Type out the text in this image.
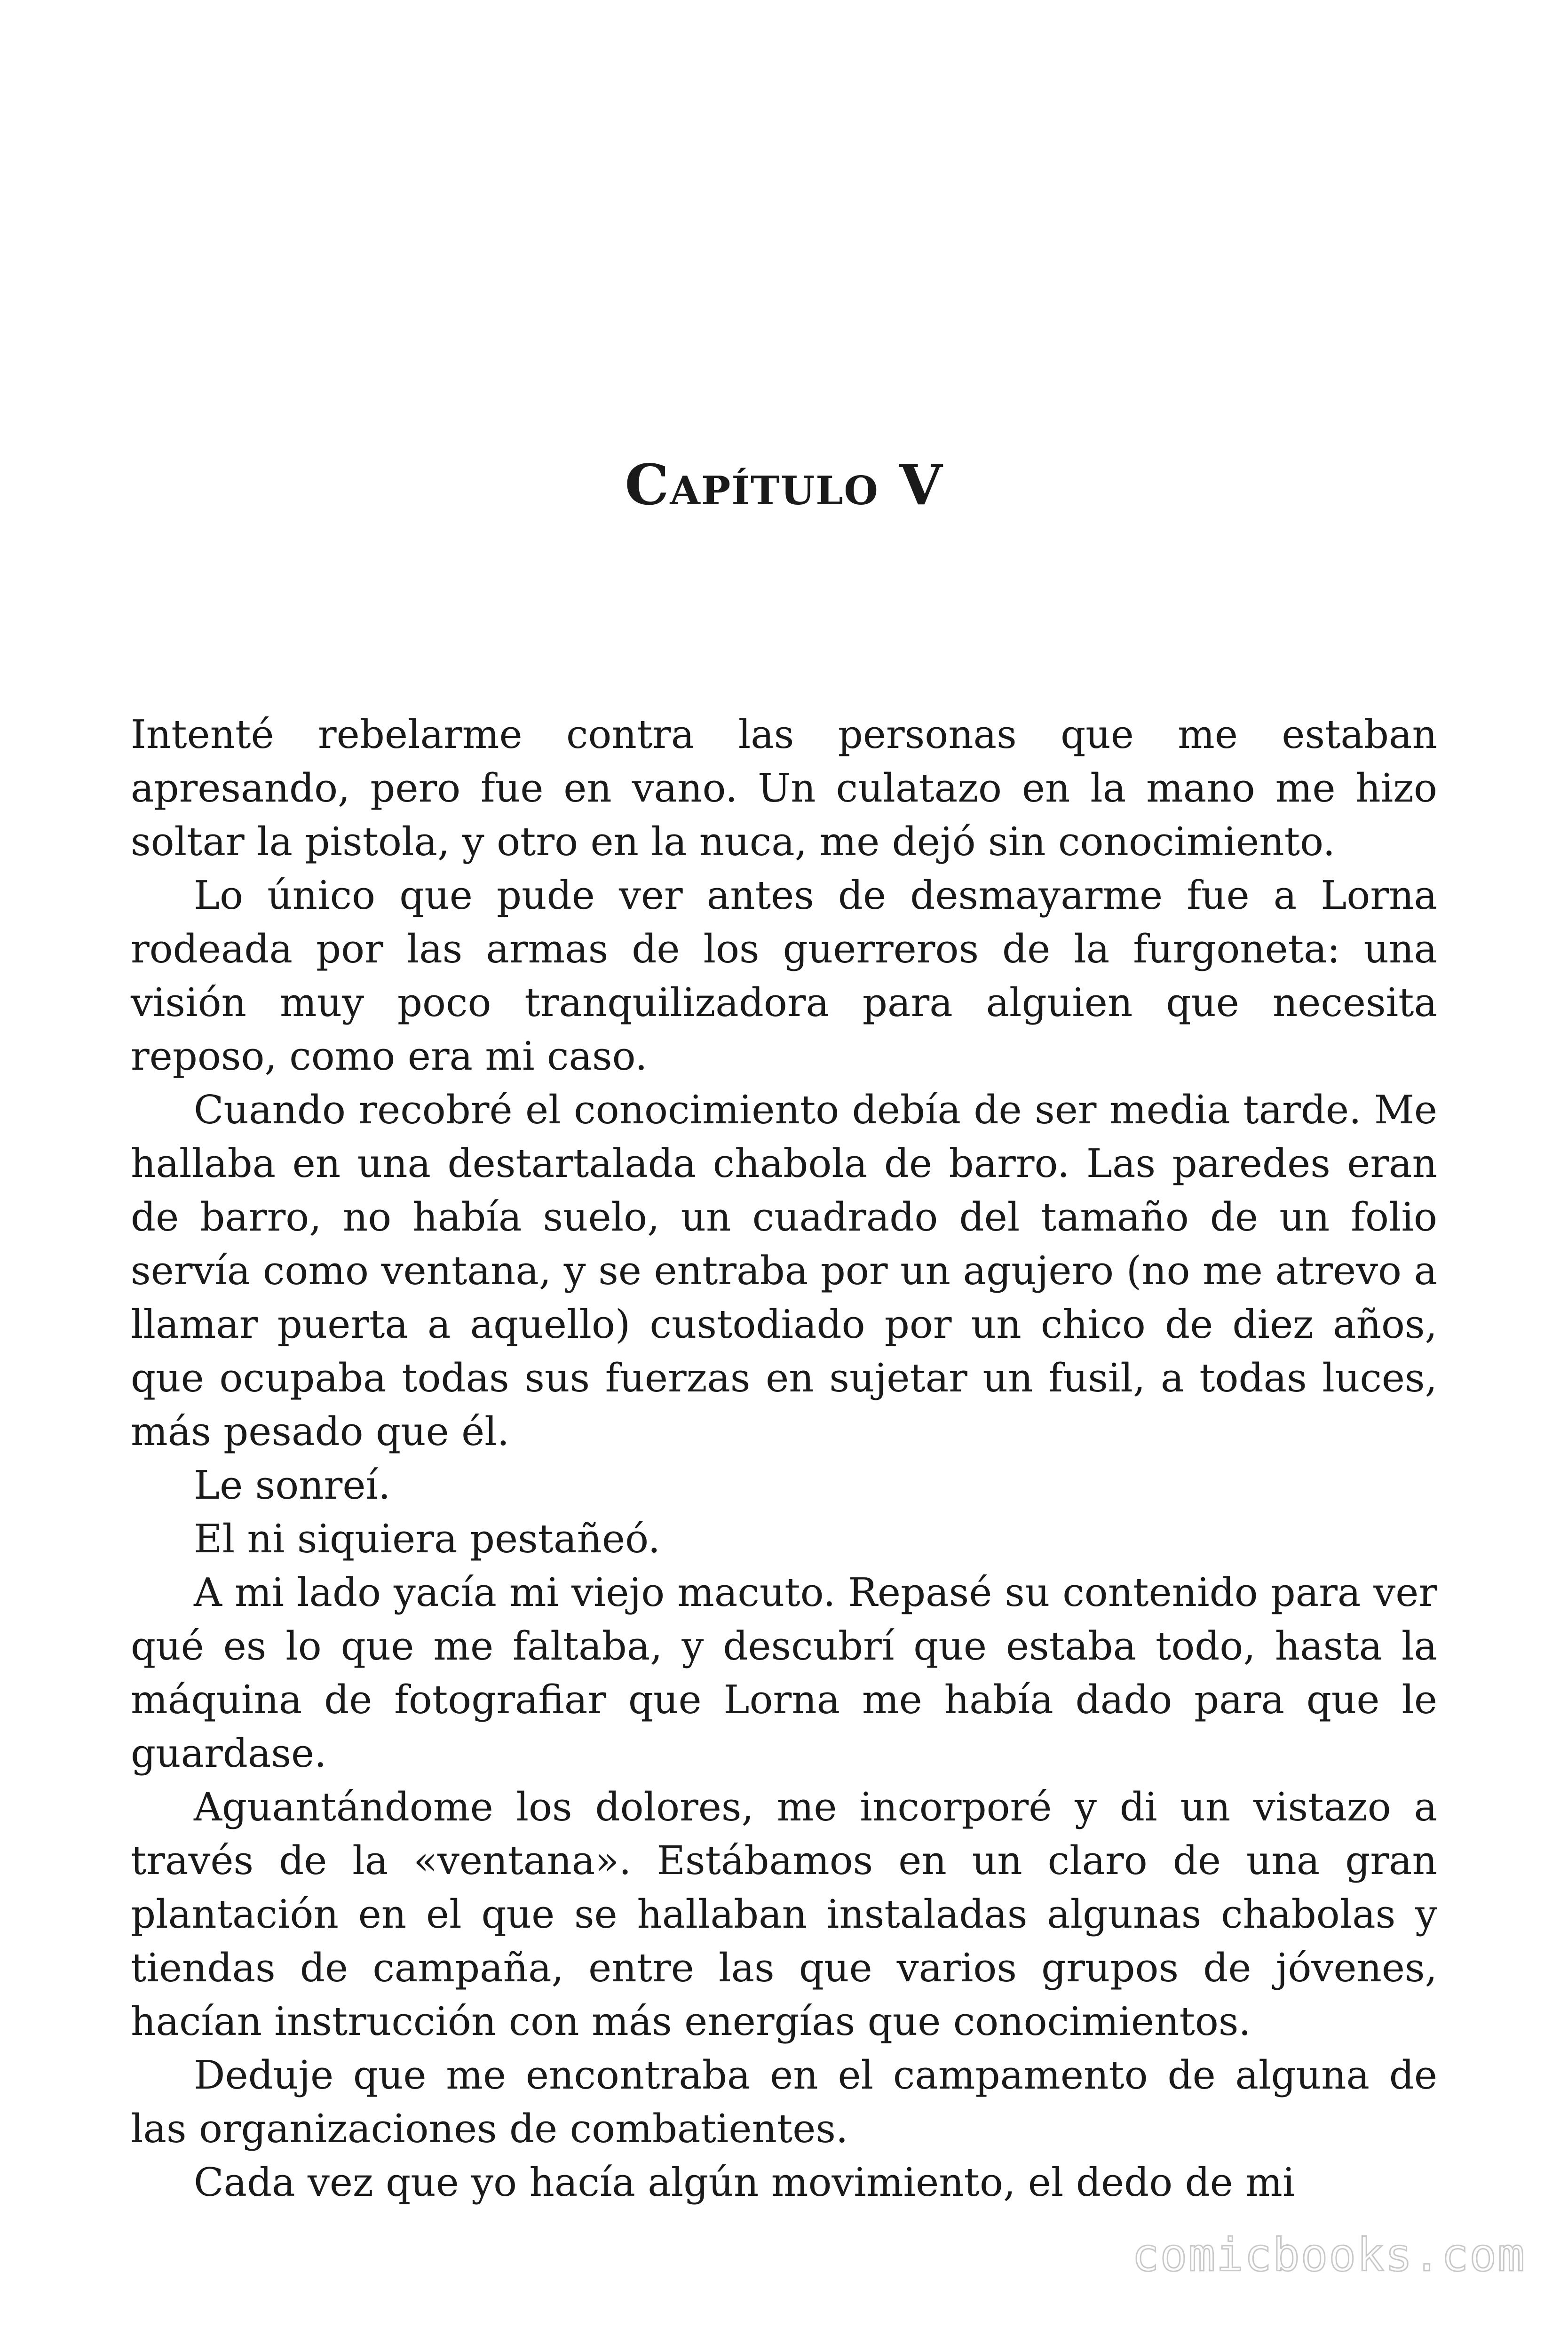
Capítulo V

Intenté rebelarme contra las personas que me estaban apresando, pero fue en vano. Un culatazo en la mano me hizo soltar la pistola, y otro en la nuca, me dejó sin conocimiento.

Lo único que pude ver antes de desmayarme fue a Lorna rodeada por las armas de los guerreros de la furgoneta: una visión muy poco tranquilizadora para alguien que necesita reposo, como era mi caso.

Cuando recobré el conocimiento debía de ser media tarde. Me hallaba en una destartalada chabola de barro. Las paredes eran de barro, no había suelo, un cuadrado del tamaño de un folio servía como ventana, y se entraba por un agujero (no me atrevo a llamar puerta a aquello) custodiado por un chico de diez años, que ocupaba todas sus fuerzas en sujetar un fusil, a todas luces, más pesado que él.

Le sonreí.

El ni siquiera pestañeó.

A mi lado yacía mi viejo macuto. Repasé su contenido para ver qué es lo que me faltaba, y descubrí que estaba todo, hasta la máquina de fotografiar que Lorna me había dado para que le guardase.

Aguantándome los dolores, me incorporé y di un vistazo a través de la «ventana». Estábamos en un claro de una gran plantación en el que se hallaban instaladas algunas chabolas y tiendas de campaña, entre las que varios grupos de jóvenes, hacían instrucción con más energías que conocimientos.

Deduje que me encontraba en el campamento de alguna de las organizaciones de combatientes.

Cada vez que yo hacía algún movimiento, el dedo de mi

comicbooks.com
